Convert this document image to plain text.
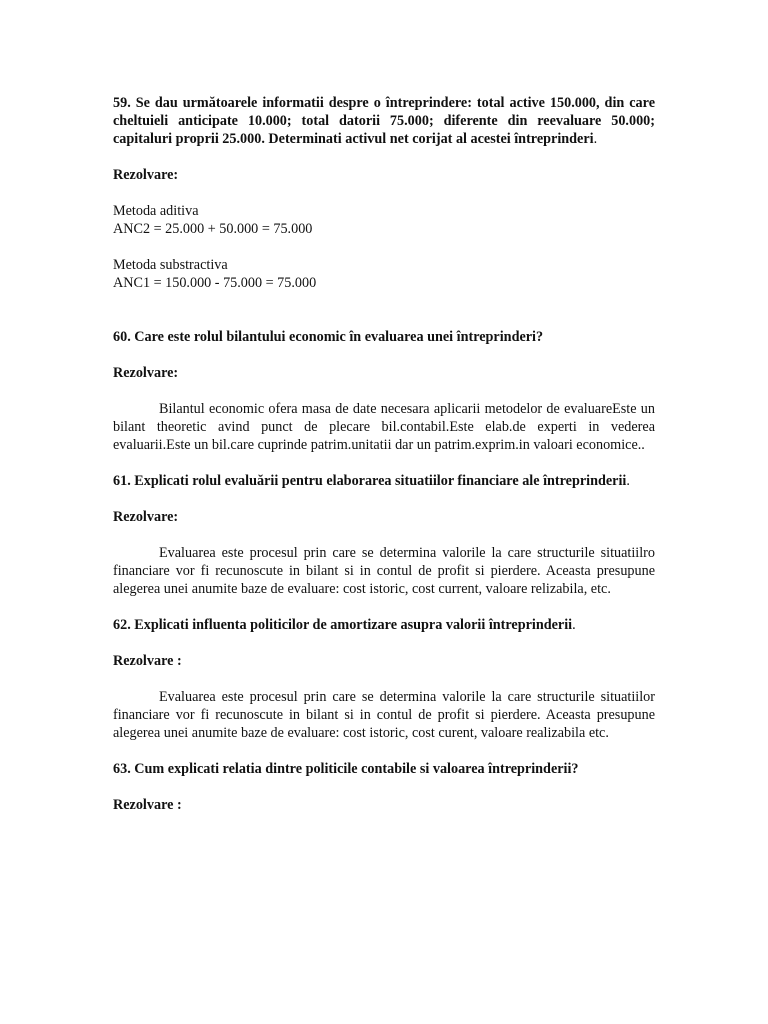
59. Se dau următoarele informatii despre o întreprindere: total active 150.000, din care cheltuieli anticipate 10.000; total datorii 75.000; diferente din reevaluare 50.000; capitaluri proprii 25.000. Determinati activul net corijat al acestei întreprinderi.

Rezolvare:

Metoda aditiva

ANC2 = 25.000 + 50.000 = 75.000

Metoda substractiva

ANC1 = 150.000 - 75.000 = 75.000

60. Care este rolul bilantului economic în evaluarea unei întreprinderi?

Rezolvare:

Bilantul economic ofera masa de date necesara aplicarii metodelor de evaluareEste un bilant theoretic avind punct de plecare bil.contabil.Este elab.de experti in vederea evaluarii.Este un bil.care cuprinde patrim.unitatii dar un patrim.exprim.in valoari economice..

61. Explicati rolul evaluării pentru elaborarea situatiilor financiare ale întreprinderii.

Rezolvare:

Evaluarea este procesul prin care se determina valorile la care structurile situatiilro financiare vor fi recunoscute in bilant si in contul de profit si pierdere. Aceasta presupune alegerea unei anumite baze de evaluare: cost istoric, cost current, valoare relizabila, etc.

62. Explicati influenta politicilor de amortizare asupra valorii întreprinderii.

Rezolvare :

Evaluarea este procesul prin care se determina valorile la care structurile situatiilor financiare vor fi recunoscute in bilant si in contul de profit si pierdere. Aceasta presupune alegerea unei anumite baze de evaluare: cost istoric, cost curent, valoare realizabila etc.

63. Cum explicati relatia dintre politicile contabile si valoarea întreprinderii?

Rezolvare :
